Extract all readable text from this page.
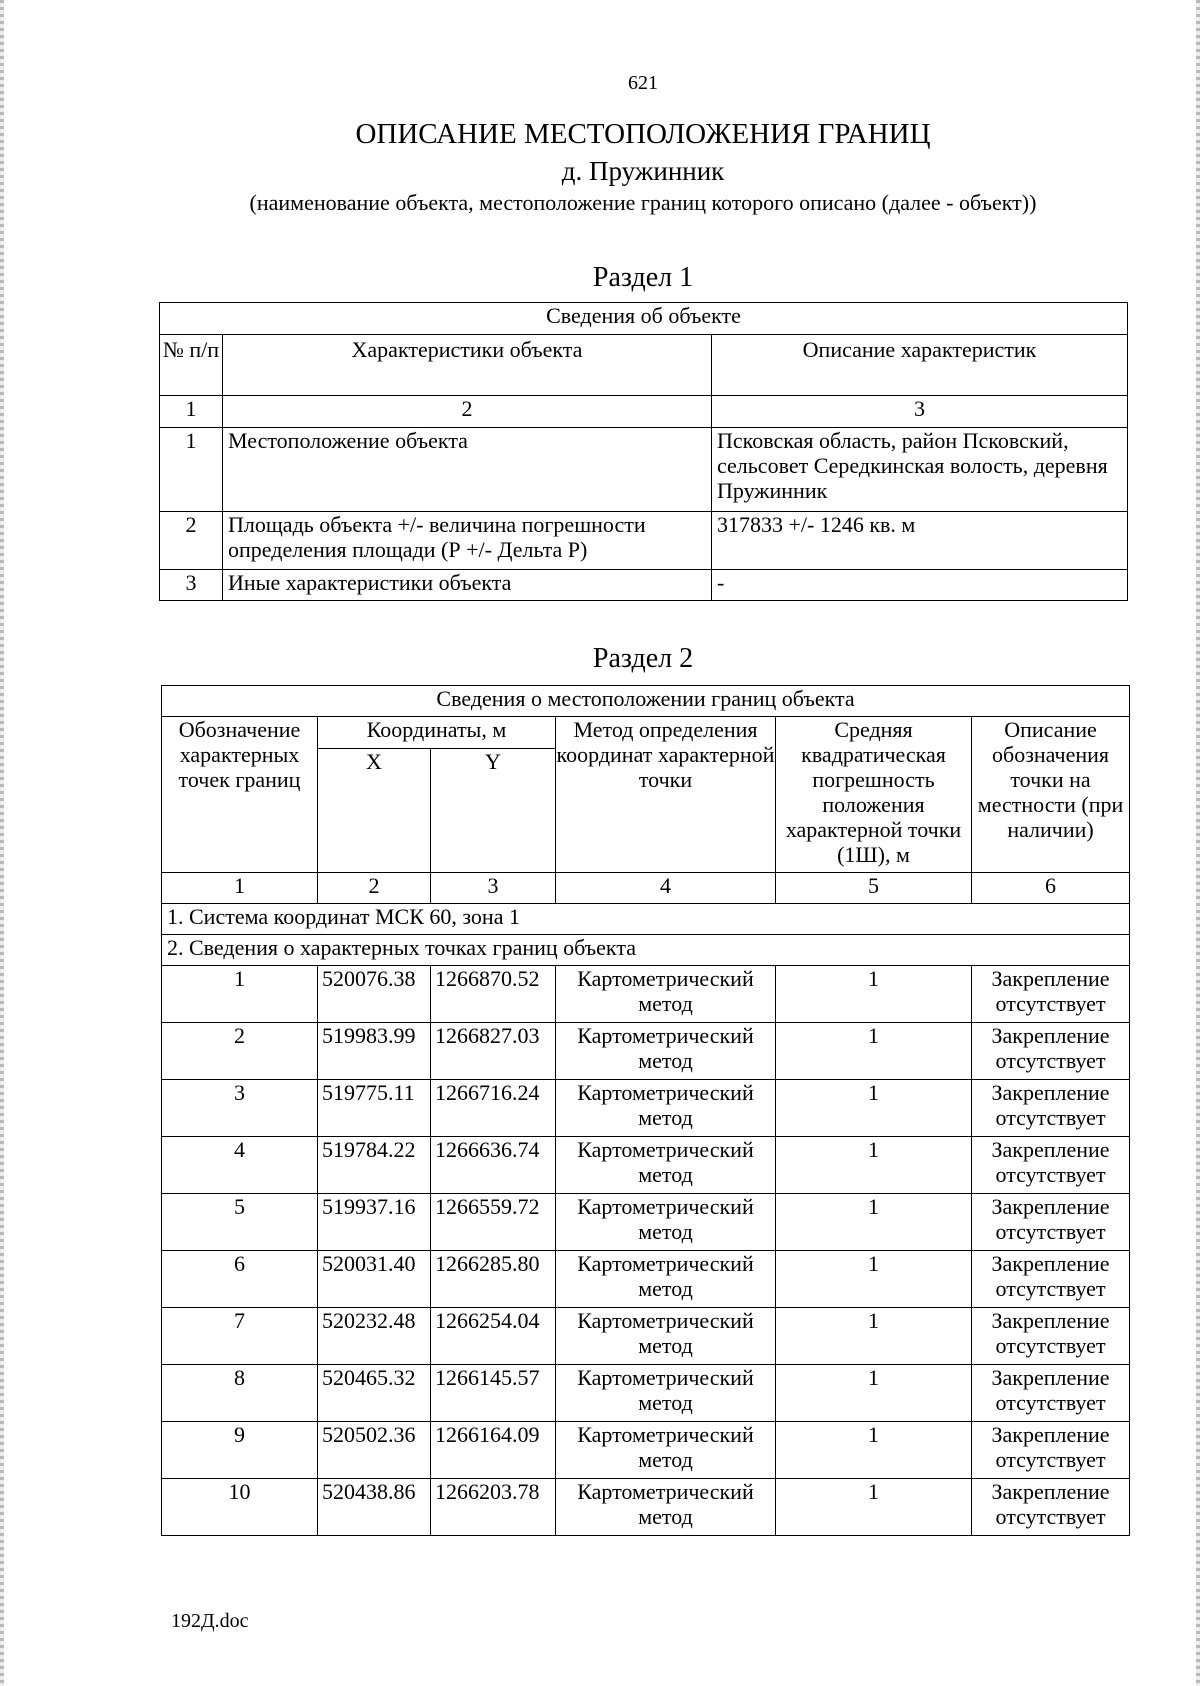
621
ОПИСАНИЕ МЕСТОПОЛОЖЕНИЯ ГРАНИЦ
д. Пружинник
(наименование объекта, местоположение границ которого описано (далее - объект))
Раздел 1
Сведения об объекте		
№ п/п	Характеристики объекта	Описание характеристик
1	2	3
1	Местоположение объекта	Псковская область, район Псковский, сельсовет Середкинская волость, деревня Пружинник
2	Площадь объекта +/- величина погрешности определения площади (Р +/- Дельта Р)	317833 +/- 1246 кв. м
3	Иные характеристики объекта	-
Раздел 2
Сведения о местоположении границ объекта					
Обозначение характерных точек границ	Координаты, м		Метод определения координат характерной точки	Средняя квадратическая погрешность положения характерной точки (1Ш), м	Описание обозначения точки на местности (при наличии)
	X	Y			
1	2	3	4	5	6
1. Система координат МСК 60, зона 1					
2. Сведения о характерных точках границ объекта					
1	520076.38	1266870.52	Картометрический метод	1	Закрепление отсутствует
2	519983.99	1266827.03	Картометрический метод	1	Закрепление отсутствует
3	519775.11	1266716.24	Картометрический метод	1	Закрепление отсутствует
4	519784.22	1266636.74	Картометрический метод	1	Закрепление отсутствует
5	519937.16	1266559.72	Картометрический метод	1	Закрепление отсутствует
6	520031.40	1266285.80	Картометрический метод	1	Закрепление отсутствует
7	520232.48	1266254.04	Картометрический метод	1	Закрепление отсутствует
8	520465.32	1266145.57	Картометрический метод	1	Закрепление отсутствует
9	520502.36	1266164.09	Картометрический метод	1	Закрепление отсутствует
10	520438.86	1266203.78	Картометрический метод	1	Закрепление отсутствует
192Д.doc
